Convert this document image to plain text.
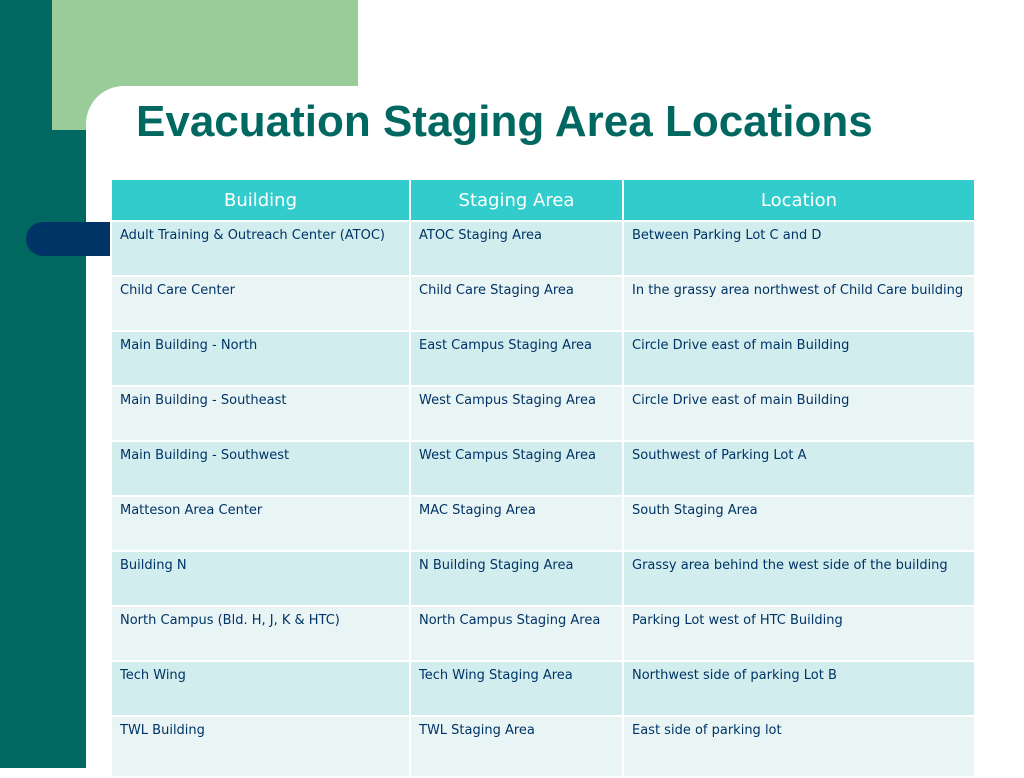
Evacuation Staging Area Locations
Building	Staging Area	Location
Adult Training & Outreach Center (ATOC)	ATOC Staging Area	Between Parking Lot C and D
Child Care Center	Child Care Staging Area	In the grassy area northwest of Child Care building
Main Building - North	East Campus Staging Area	Circle Drive east of main Building
Main Building - Southeast	West Campus Staging Area	Circle Drive east of main Building
Main Building - Southwest	West Campus Staging Area	Southwest of Parking Lot A
Matteson Area Center	MAC Staging Area	South Staging Area
Building N	N Building Staging Area	Grassy area behind the west side of the building
North Campus (Bld. H, J, K & HTC)	North Campus Staging Area	Parking Lot west of HTC Building
Tech Wing	Tech Wing Staging Area	Northwest side of parking Lot B
TWL Building	TWL Staging Area	East side of parking lot
